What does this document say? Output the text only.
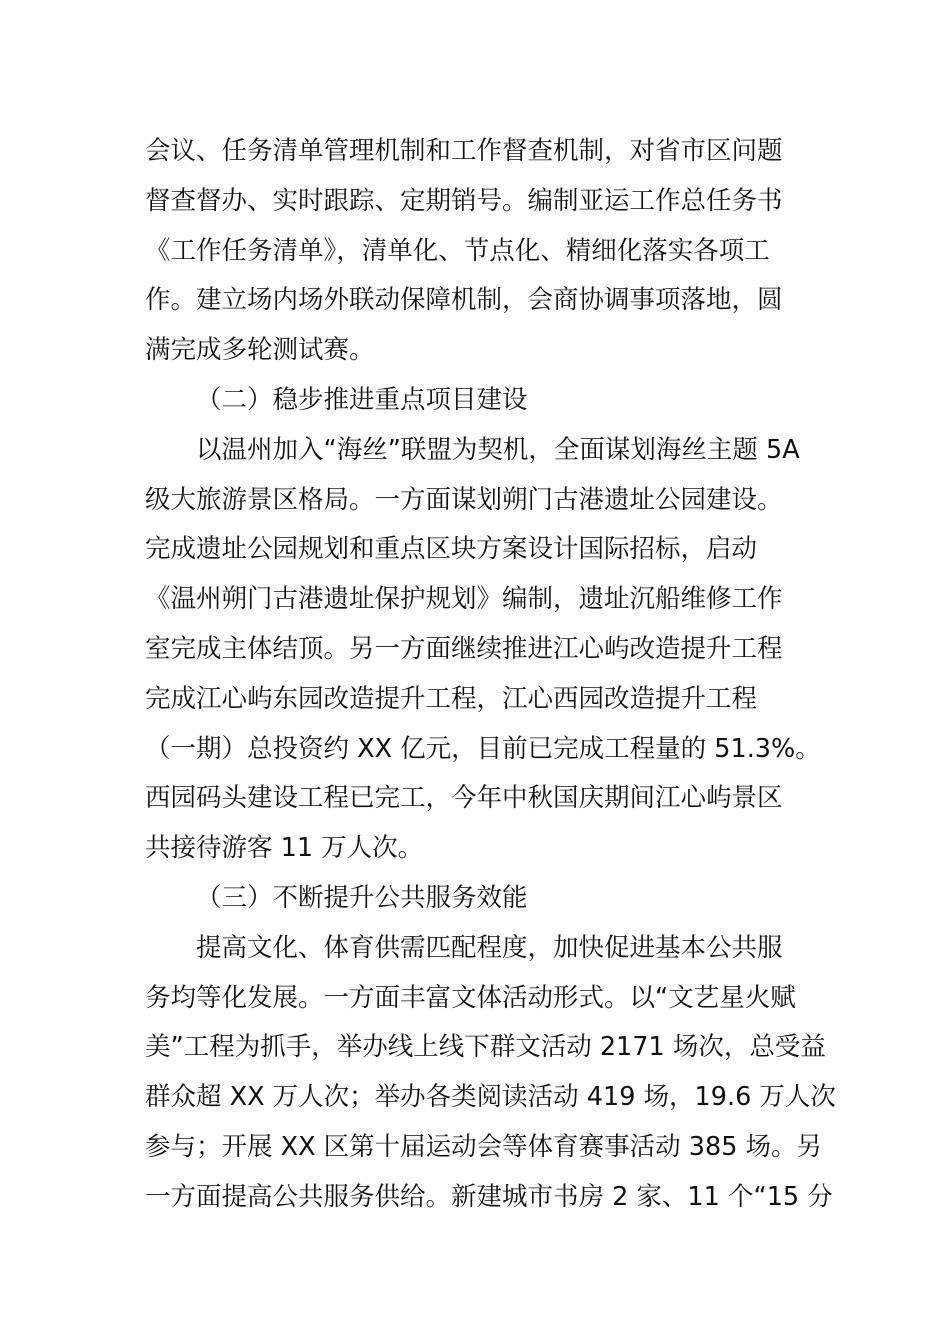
会议、任务清单管理机制和工作督查机制，对省市区问题
督查督办、实时跟踪、定期销号。编制亚运工作总任务书
《工作任务清单》，清单化、节点化、精细化落实各项工
作。建立场内场外联动保障机制，会商协调事项落地，圆
满完成多轮测试赛。
（二）稳步推进重点项目建设
以温州加入“海丝”联盟为契机，全面谋划海丝主题 5A
级大旅游景区格局。一方面谋划朔门古港遗址公园建设。
完成遗址公园规划和重点区块方案设计国际招标，启动
《温州朔门古港遗址保护规划》编制，遗址沉船维修工作
室完成主体结顶。另一方面继续推进江心屿改造提升工程
完成江心屿东园改造提升工程，江心西园改造提升工程
（一期）总投资约 XX 亿元，目前已完成工程量的 51.3%。
西园码头建设工程已完工，今年中秋国庆期间江心屿景区
共接待游客 11 万人次。
（三）不断提升公共服务效能
提高文化、体育供需匹配程度，加快促进基本公共服
务均等化发展。一方面丰富文体活动形式。以“文艺星火赋
美”工程为抓手，举办线上线下群文活动 2171 场次，总受益
群众超 XX 万人次；举办各类阅读活动 419 场，19.6 万人次
参与；开展 XX 区第十届运动会等体育赛事活动 385 场。另
一方面提高公共服务供给。新建城市书房 2 家、11 个“15 分
